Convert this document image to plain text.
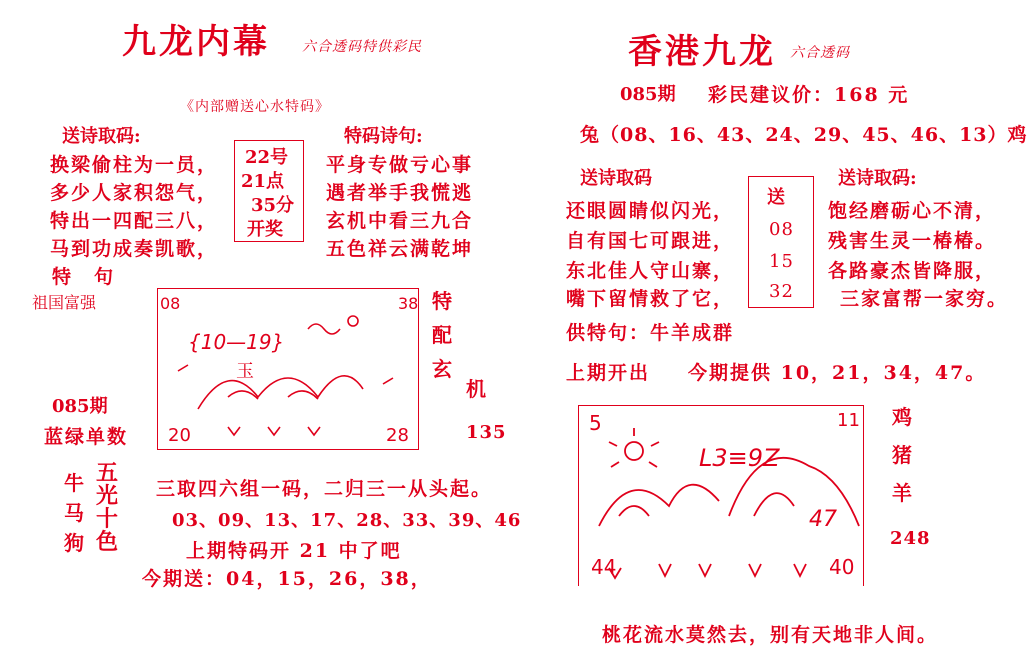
九龙内幕 六合透码特供彩民
《内部赠送心水特码》
送诗取码:
换梁偷柱为一员，
多少人家积怨气，
特出一四配三八，
马到功成奏凯歌，
22号
21点
35分
开奖
特码诗句:
平身专做亏心事
遇者举手我慌逃
玄机中看三九合
五色祥云满乾坤
特　句
祖国富强	08	38
{10—19}
玉
20	28
特
配
玄
机
135
085期
蓝绿单数
牛
马
狗
五
光
十
色
三取四六组一码，二归三一从头起。
03、09、13、17、28、33、39、46
上期特码开 21 中了吧
今期送：04，15，26，38，
香港九龙 六合透码
085期 彩民建议价：168 元
兔（08、16、43、24、29、45、46、13）鸡
送诗取码
还眼圆睛似闪光，
自有国七可跟进，
东北佳人守山寨，
嘴下留情救了它，
送
08
15
32
送诗取码:
饱经磨砺心不清，
残害生灵一椿椿。
各路豪杰皆降服，
三家富帮一家穷。
供特句：牛羊成群
上期开出 今期提供 10，21，34，47。
5	11
L3≡9Z
47
44	40
鸡
猪
羊
248
桃花流水莫然去，别有天地非人间。
